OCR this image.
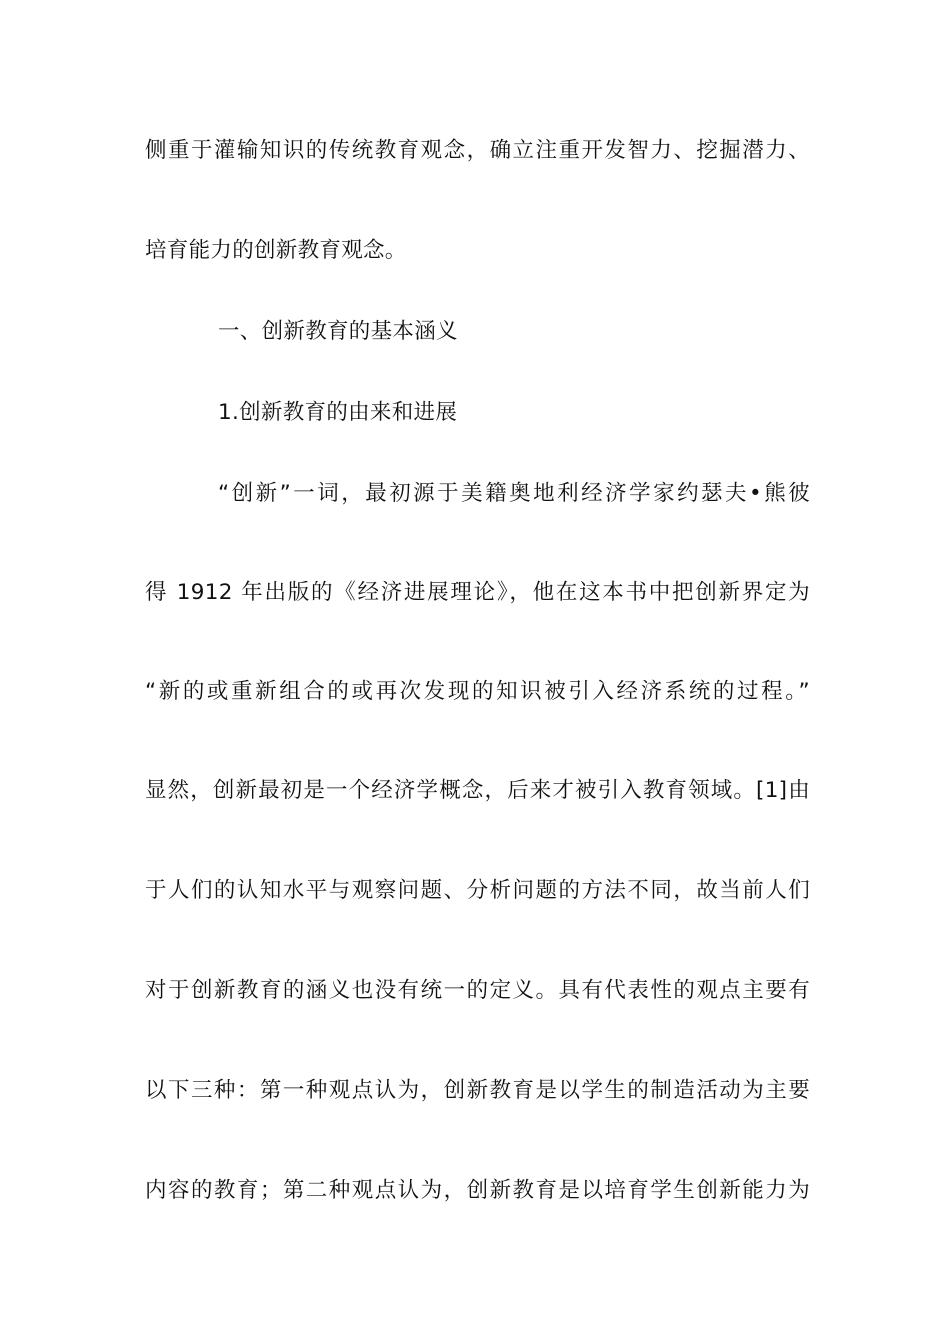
侧重于灌输知识的传统教育观念，确立注重开发智力、挖掘潜力、
培育能力的创新教育观念。
一、创新教育的基本涵义
1.创新教育的由来和进展
“创新”一词，最初源于美籍奥地利经济学家约瑟夫•熊彼
得 1912 年出版的《经济进展理论》，他在这本书中把创新界定为
“新的或重新组合的或再次发现的知识被引入经济系统的过程。”
显然，创新最初是一个经济学概念，后来才被引入教育领域。[1]由
于人们的认知水平与观察问题、分析问题的方法不同，故当前人们
对于创新教育的涵义也没有统一的定义。具有代表性的观点主要有
以下三种：第一种观点认为，创新教育是以学生的制造活动为主要
内容的教育；第二种观点认为，创新教育是以培育学生创新能力为
